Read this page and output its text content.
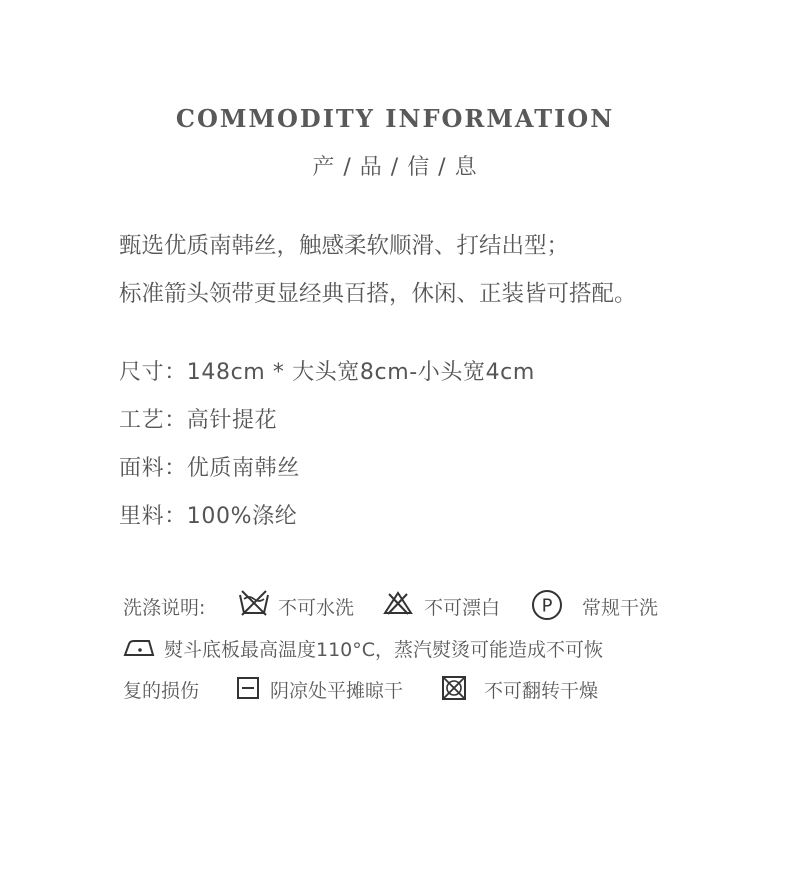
COMMODITY INFORMATION
产 / 品 / 信 / 息
甄选优质南韩丝，触感柔软顺滑、打结出型；
标准箭头领带更显经典百搭，休闲、正装皆可搭配。
尺寸：148cm * 大头宽8cm-小头宽4cm
工艺：高针提花
面料：优质南韩丝
里料：100%涤纶
洗涤说明:	不可水洗	不可漂白 P 常规干洗
熨斗底板最高温度110°C，蒸汽熨烫可能造成不可恢
复的损伤	阴凉处平摊晾干	不可翻转干燥
